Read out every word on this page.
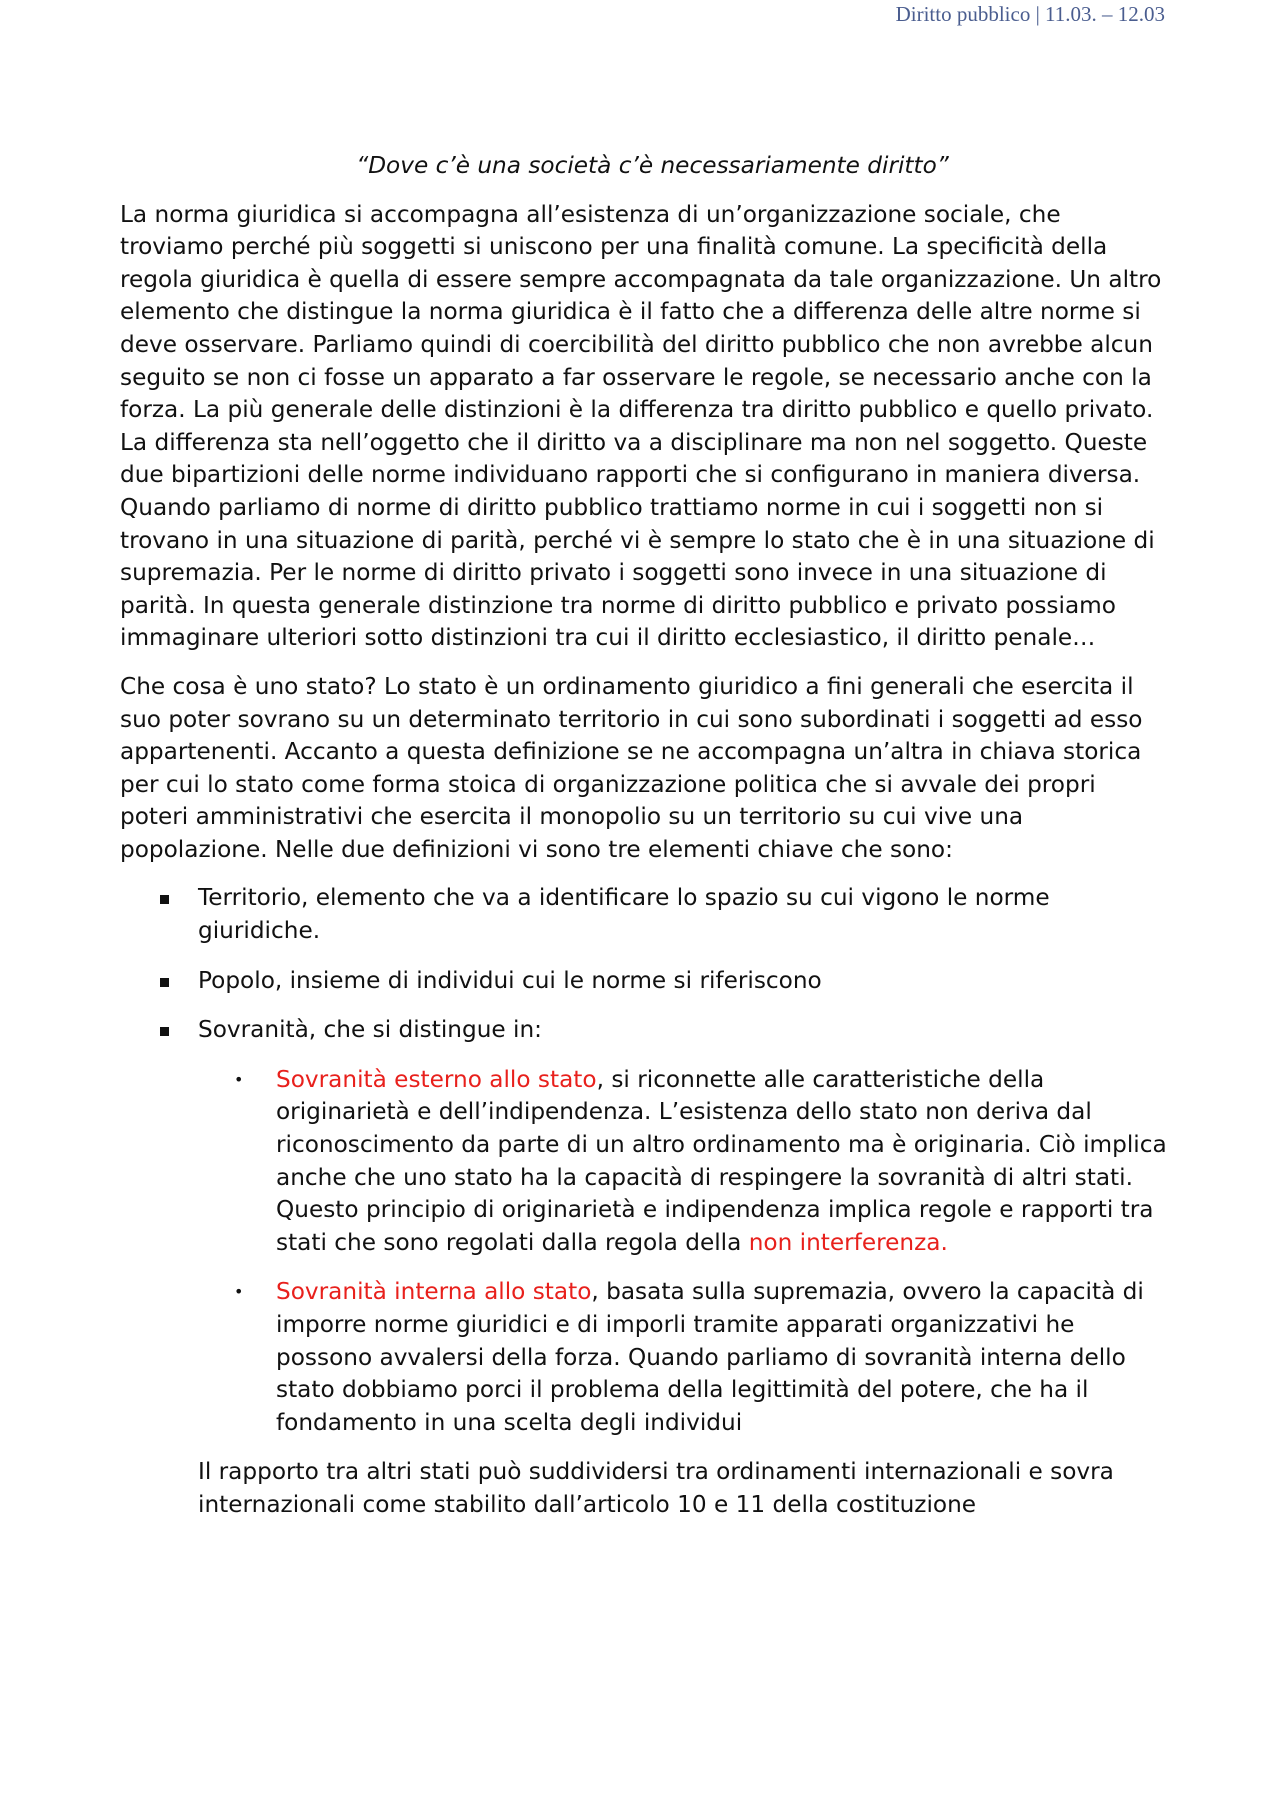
Diritto pubblico | 11.03. – 12.03

“Dove c’è una società c’è necessariamente diritto”

La norma giuridica si accompagna all’esistenza di un’organizzazione sociale, che troviamo perché più soggetti si uniscono per una finalità comune. La specificità della regola giuridica è quella di essere sempre accompagnata da tale organizzazione. Un altro elemento che distingue la norma giuridica è il fatto che a differenza delle altre norme si deve osservare. Parliamo quindi di coercibilità del diritto pubblico che non avrebbe alcun seguito se non ci fosse un apparato a far osservare le regole, se necessario anche con la forza. La più generale delle distinzioni è la differenza tra diritto pubblico e quello privato. La differenza sta nell’oggetto che il diritto va a disciplinare ma non nel soggetto. Queste due bipartizioni delle norme individuano rapporti che si configurano in maniera diversa. Quando parliamo di norme di diritto pubblico trattiamo norme in cui i soggetti non si trovano in una situazione di parità, perché vi è sempre lo stato che è in una situazione di supremazia. Per le norme di diritto privato i soggetti sono invece in una situazione di parità. In questa generale distinzione tra norme di diritto pubblico e privato possiamo immaginare ulteriori sotto distinzioni tra cui il diritto ecclesiastico, il diritto penale…

Che cosa è uno stato? Lo stato è un ordinamento giuridico a fini generali che esercita il suo poter sovrano su un determinato territorio in cui sono subordinati i soggetti ad esso appartenenti. Accanto a questa definizione se ne accompagna un’altra in chiava storica per cui lo stato come forma stoica di organizzazione politica che si avvale dei propri poteri amministrativi che esercita il monopolio su un territorio su cui vive una popolazione. Nelle due definizioni vi sono tre elementi chiave che sono:

Territorio, elemento che va a identificare lo spazio su cui vigono le norme giuridiche.
Popolo, insieme di individui cui le norme si riferiscono
Sovranità, che si distingue in:
• Sovranità esterno allo stato, si riconnette alle caratteristiche della originarietà e dell’indipendenza. L’esistenza dello stato non deriva dal riconoscimento da parte di un altro ordinamento ma è originaria. Ciò implica anche che uno stato ha la capacità di respingere la sovranità di altri stati. Questo principio di originarietà e indipendenza implica regole e rapporti tra stati che sono regolati dalla regola della non interferenza.
• Sovranità interna allo stato, basata sulla supremazia, ovvero la capacità di imporre norme giuridici e di imporli tramite apparati organizzativi he possono avvalersi della forza. Quando parliamo di sovranità interna dello stato dobbiamo porci il problema della legittimità del potere, che ha il fondamento in una scelta degli individui

Il rapporto tra altri stati può suddividersi tra ordinamenti internazionali e sovra internazionali come stabilito dall’articolo 10 e 11 della costituzione
